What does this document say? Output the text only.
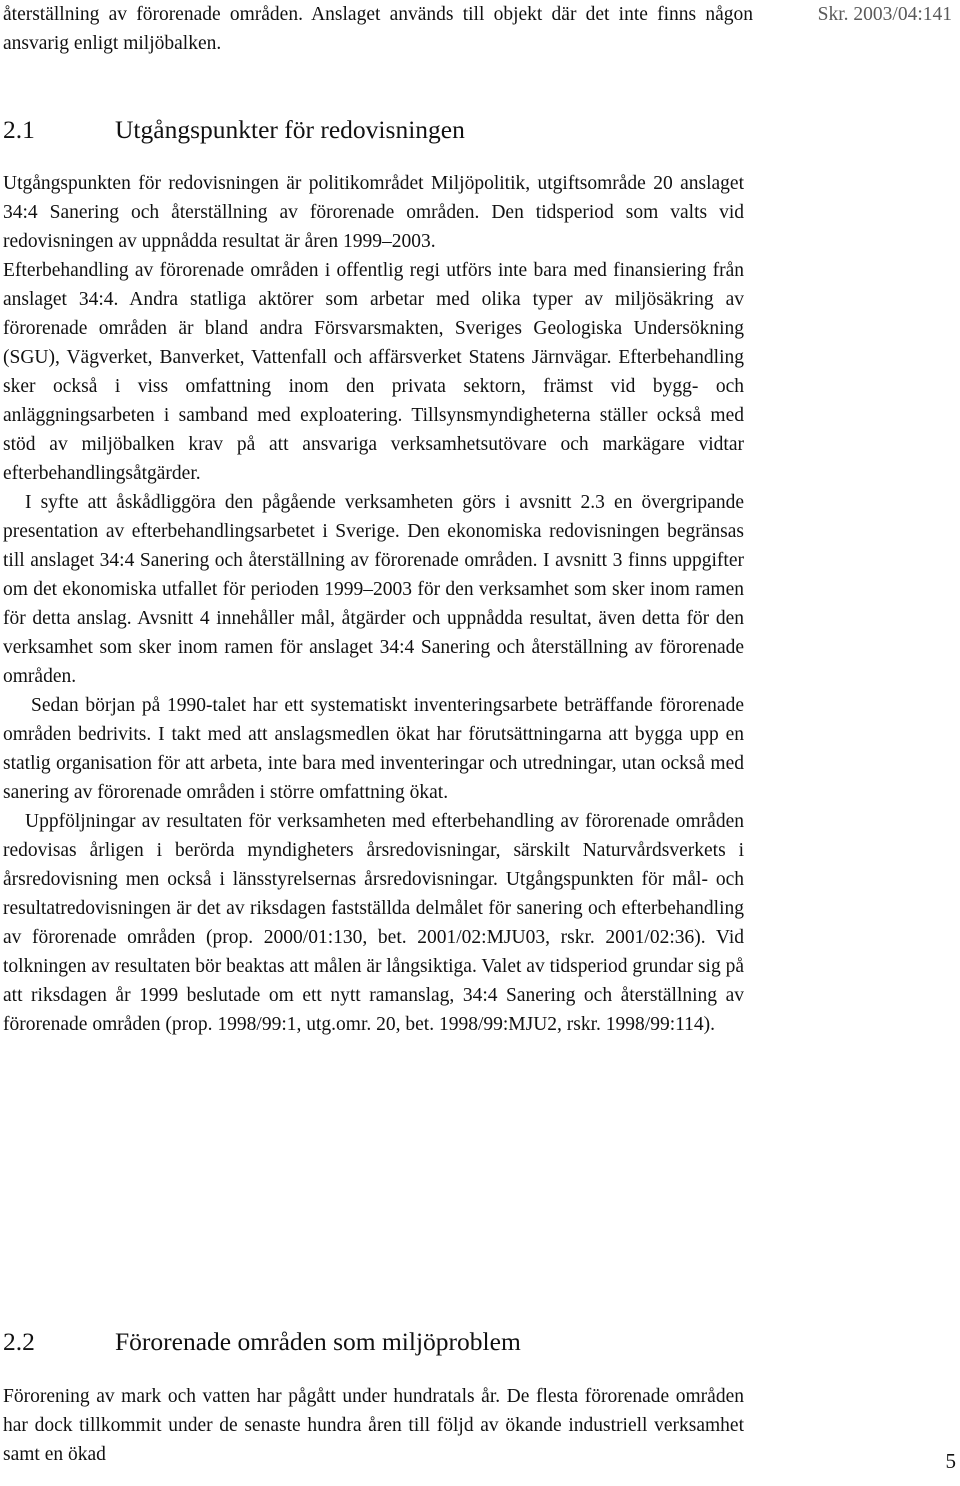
återställning av förorenade områden. Anslaget används till objekt där det inte finns någon ansvarig enligt miljöbalken.

Skr. 2003/04:141
2.1	Utgångspunkter för redovisningen

Utgångspunkten för redovisningen är politikområdet Miljöpolitik, utgiftsområde 20 anslaget 34:4 Sanering och återställning av förorenade områden. Den tidsperiod som valts vid redovisningen av uppnådda resultat är åren 1999–2003.

Efterbehandling av förorenade områden i offentlig regi utförs inte bara med finansiering från anslaget 34:4. Andra statliga aktörer som arbetar med olika typer av miljösäkring av förorenade områden är bland andra Försvarsmakten, Sveriges Geologiska Undersökning (SGU), Vägverket, Banverket, Vattenfall och affärsverket Statens Järnvägar. Efterbehandling sker också i viss omfattning inom den privata sektorn, främst vid bygg- och anläggningsarbeten i samband med exploatering. Tillsynsmyndigheterna ställer också med stöd av miljöbalken krav på att ansvariga verksamhetsutövare och markägare vidtar efterbehandlingsåtgärder.

I syfte att åskådliggöra den pågående verksamheten görs i avsnitt 2.3 en övergripande presentation av efterbehandlingsarbetet i Sverige. Den ekonomiska redovisningen begränsas till anslaget 34:4 Sanering och återställning av förorenade områden. I avsnitt 3 finns uppgifter om det ekonomiska utfallet för perioden 1999–2003 för den verksamhet som sker inom ramen för detta anslag. Avsnitt 4 innehåller mål, åtgärder och uppnådda resultat, även detta för den verksamhet som sker inom ramen för anslaget 34:4 Sanering och återställning av förorenade områden.

Sedan början på 1990-talet har ett systematiskt inventeringsarbete beträffande förorenade områden bedrivits. I takt med att anslagsmedlen ökat har förutsättningarna att bygga upp en statlig organisation för att arbeta, inte bara med inventeringar och utredningar, utan också med sanering av förorenade områden i större omfattning ökat.

Uppföljningar av resultaten för verksamheten med efterbehandling av förorenade områden redovisas årligen i berörda myndigheters årsredovisningar, särskilt Naturvårdsverkets i årsredovisning men också i länsstyrelsernas årsredovisningar. Utgångspunkten för mål- och resultatredovisningen är det av riksdagen fastställda delmålet för sanering och efterbehandling av förorenade områden (prop. 2000/01:130, bet. 2001/02:MJU03, rskr. 2001/02:36). Vid tolkningen av resultaten bör beaktas att målen är långsiktiga. Valet av tidsperiod grundar sig på att riksdagen år 1999 beslutade om ett nytt ramanslag, 34:4 Sanering och återställning av förorenade områden (prop. 1998/99:1, utg.omr. 20, bet. 1998/99:MJU2, rskr. 1998/99:114).

2.2	Förorenade områden som miljöproblem

Förorening av mark och vatten har pågått under hundratals år. De flesta förorenade områden har dock tillkommit under de senaste hundra åren till följd av ökande industriell verksamhet samt en ökad	5
